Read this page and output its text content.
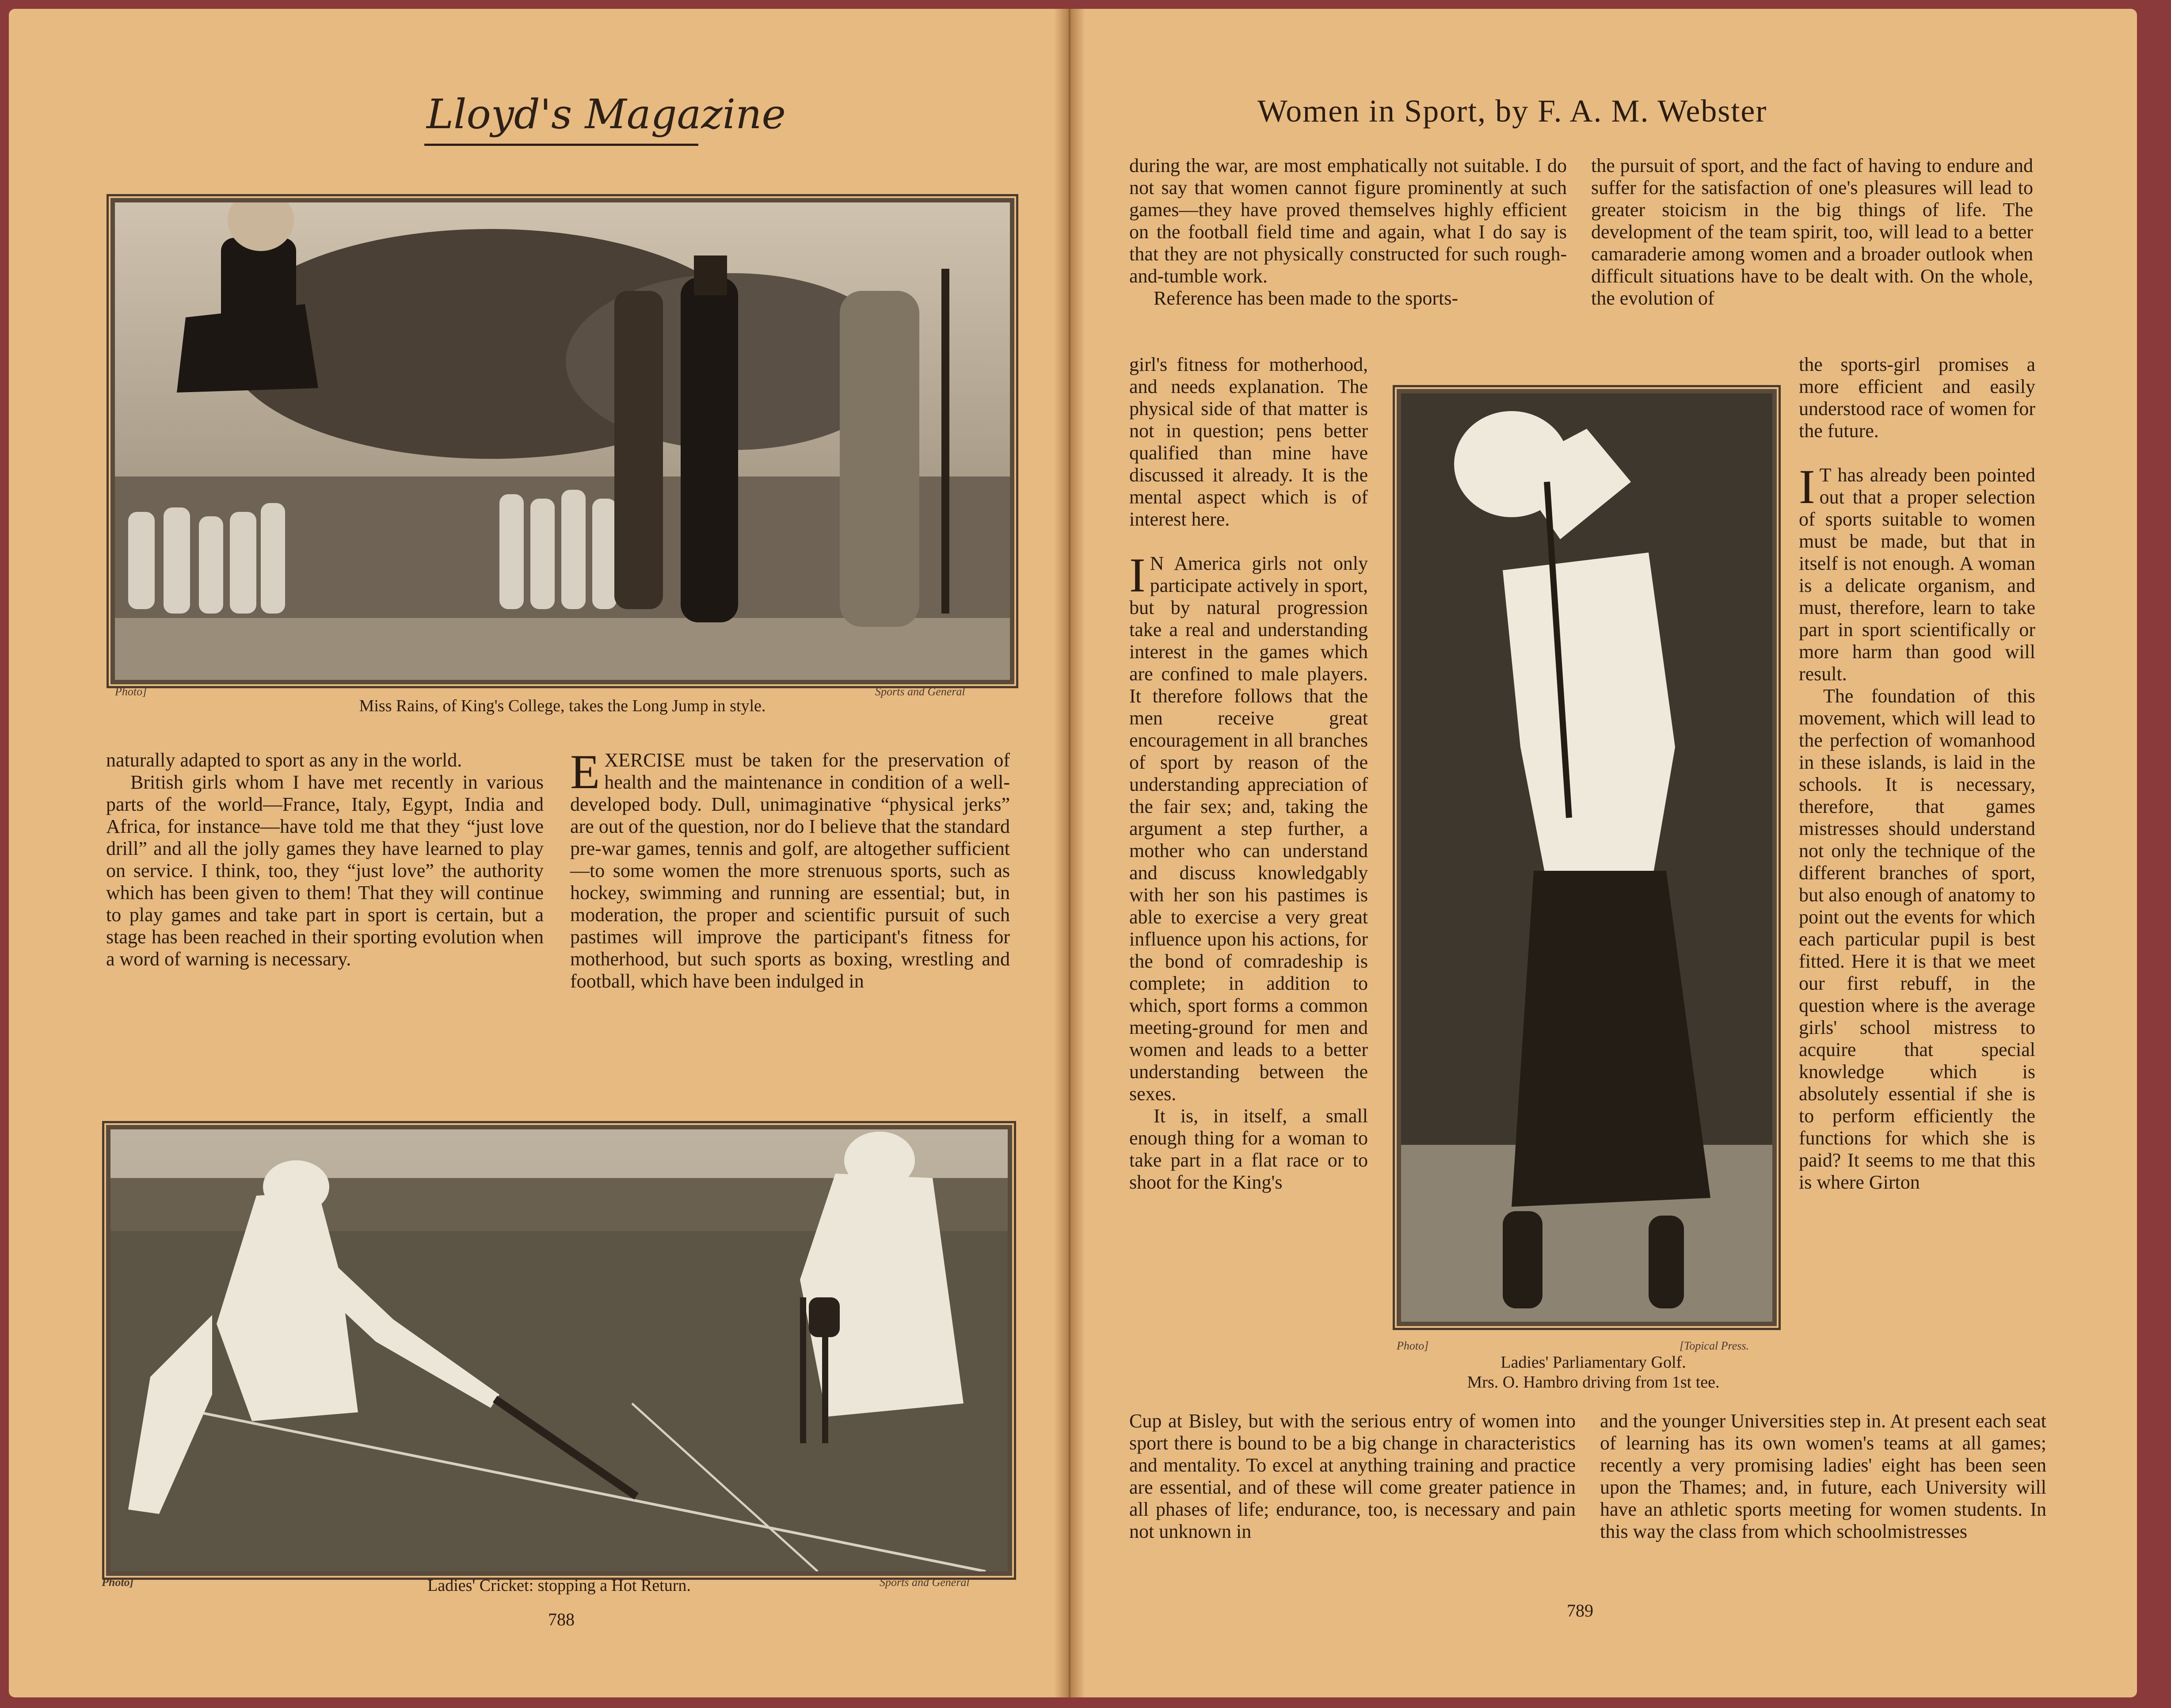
Lloyd's Magazine
Photo]	Sports and General
Miss Rains, of King's College, takes the Long Jump in style.

naturally adapted to sport as any in the world.

British girls whom I have met recently in various parts of the world—France, Italy, Egypt, India and Africa, for instance—have told me that they “just love drill” and all the jolly games they have learned to play on service. I think, too, they “just love” the authority which has been given to them! That they will continue to play games and take part in sport is certain, but a stage has been reached in their sporting evolution when a word of warning is necessary.

EXERCISE must be taken for the preservation of health and the maintenance in condition of a well-developed body. Dull, unimaginative “physical jerks” are out of the question, nor do I believe that the standard pre-war games, tennis and golf, are altogether sufficient—to some women the more strenuous sports, such as hockey, swimming and running are essential; but, in moderation, the proper and scientific pursuit of such pastimes will improve the participant's fitness for motherhood, but such sports as boxing, wrestling and football, which have been indulged in

Photo]	Sports and General
Ladies' Cricket: stopping a Hot Return.
788
Women in Sport, by F. A. M. Webster

during the war, are most emphatically not suitable. I do not say that women cannot figure prominently at such games—they have proved themselves highly efficient on the football field time and again, what I do say is that they are not physically constructed for such rough-and-tumble work.

Reference has been made to the sports-

girl's fitness for motherhood, and needs explanation. The physical side of that matter is not in question; pens better qualified than mine have discussed it already. It is the mental aspect which is of interest here.

I N America girls not only participate actively in sport, but by natural progression take a real and understanding interest in the games which are confined to male players. It therefore follows that the men receive great encouragement in all branches of sport by reason of the understanding appreciation of the fair sex; and, taking the argument a step further, a mother who can understand and discuss knowledgably with her son his pastimes is able to exercise a very great influence upon his actions, for the bond of comradeship is complete; in addition to which, sport forms a common meeting-ground for men and women and leads to a better understanding between the sexes.

It is, in itself, a small enough thing for a woman to take part in a flat race or to shoot for the King's

Cup at Bisley, but with the serious entry of women into sport there is bound to be a big change in characteristics and mentality. To excel at anything training and practice are essential, and of these will come greater patience in all phases of life; endurance, too, is necessary and pain not unknown in

the pursuit of sport, and the fact of having to endure and suffer for the satisfaction of one's pleasures will lead to greater stoicism in the big things of life. The development of the team spirit, too, will lead to a better camaraderie among women and a broader outlook when difficult situations have to be dealt with. On the whole, the evolution of

the sports-girl promises a more efficient and easily understood race of women for the future.

I T has already been pointed out that a proper selection of sports suitable to women must be made, but that in itself is not enough. A woman is a delicate organism, and must, therefore, learn to take part in sport scientifically or more harm than good will result.

The foundation of this movement, which will lead to the perfection of womanhood in these islands, is laid in the schools. It is necessary, therefore, that games mistresses should understand not only the technique of the different branches of sport, but also enough of anatomy to point out the events for which each particular pupil is best fitted. Here it is that we meet our first rebuff, in the question where is the average girls' school mistress to acquire that special knowledge which is absolutely essential if she is to perform efficiently the functions for which she is paid? It seems to me that this is where Girton

and the younger Universities step in. At present each seat of learning has its own women's teams at all games; recently a very promising ladies' eight has been seen upon the Thames; and, in future, each University will have an athletic sports meeting for women students. In this way the class from which schoolmistresses

Photo]	[Topical Press.
Ladies' Parliamentary Golf.
Mrs. O. Hambro driving from 1st tee.
789
